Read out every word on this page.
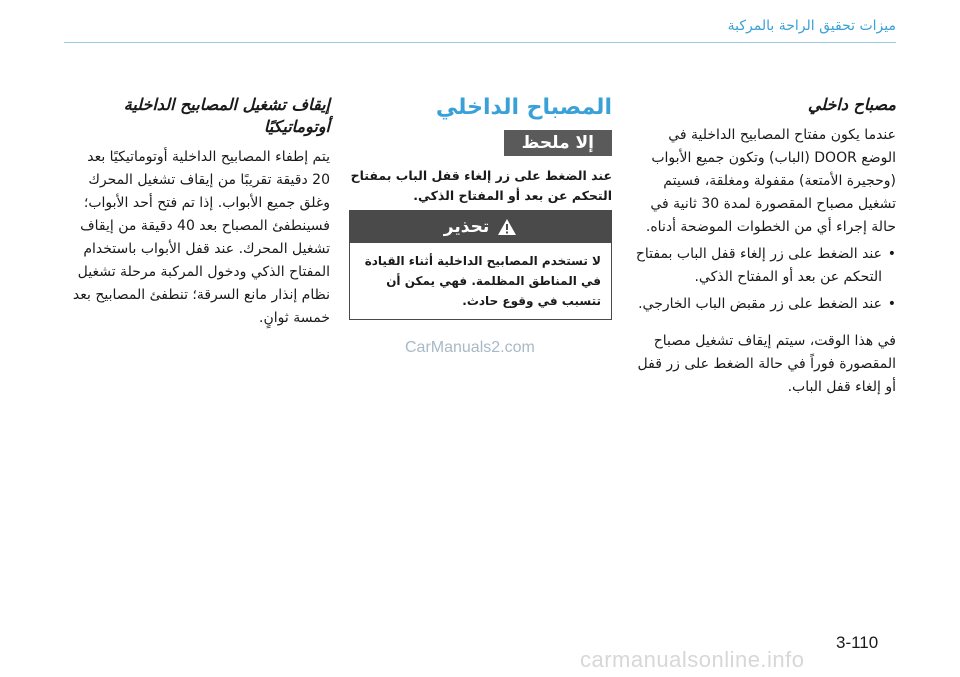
ميزات تحقيق الراحة بالمركبة
مصباح داخلي

عندما يكون مفتاح المصابيح الداخلية في الوضع DOOR (الباب) وتكون جميع الأبواب (وحجيرة الأمتعة) مقفولة ومغلقة، فسيتم تشغيل مصباح المقصورة لمدة 30 ثانية في حالة إجراء أي من الخطوات الموضحة أدناه.

•
عند الضغط على زر إلغاء قفل الباب بمفتاح التحكم عن بعد أو المفتاح الذكي.
•
عند الضغط على زر مقبض الباب الخارجي.

في هذا الوقت، سيتم إيقاف تشغيل مصباح المقصورة فوراً في حالة الضغط على زر قفل أو إلغاء قفل الباب.

المصباح الداخلي
إلا ملحظ

عند الضغط على زر إلغاء قفل الباب بمفتاح التحكم عن بعد أو المفتاح الذكي.

تحذير
لا تستخدم المصابيح الداخلية أثناء القيادة في المناطق المظلمة. فهي يمكن أن تتسبب في وقوع حادث.
CarManuals2.com
إيقاف تشغيل المصابيح الداخلية
أوتوماتيكيًا

يتم إطفاء المصابيح الداخلية أوتوماتيكيًا بعد 20 دقيقة تقريبًا من إيقاف تشغيل المحرك وغلق جميع الأبواب. إذا تم فتح أحد الأبواب؛ فسينطفئ المصباح بعد 40 دقيقة من إيقاف تشغيل المحرك. عند قفل الأبواب باستخدام المفتاح الذكي ودخول المركبة مرحلة تشغيل نظام إنذار مانع السرقة؛ تنطفئ المصابيح بعد خمسة ثوانٍ.

3-110
carmanualsonline.info
